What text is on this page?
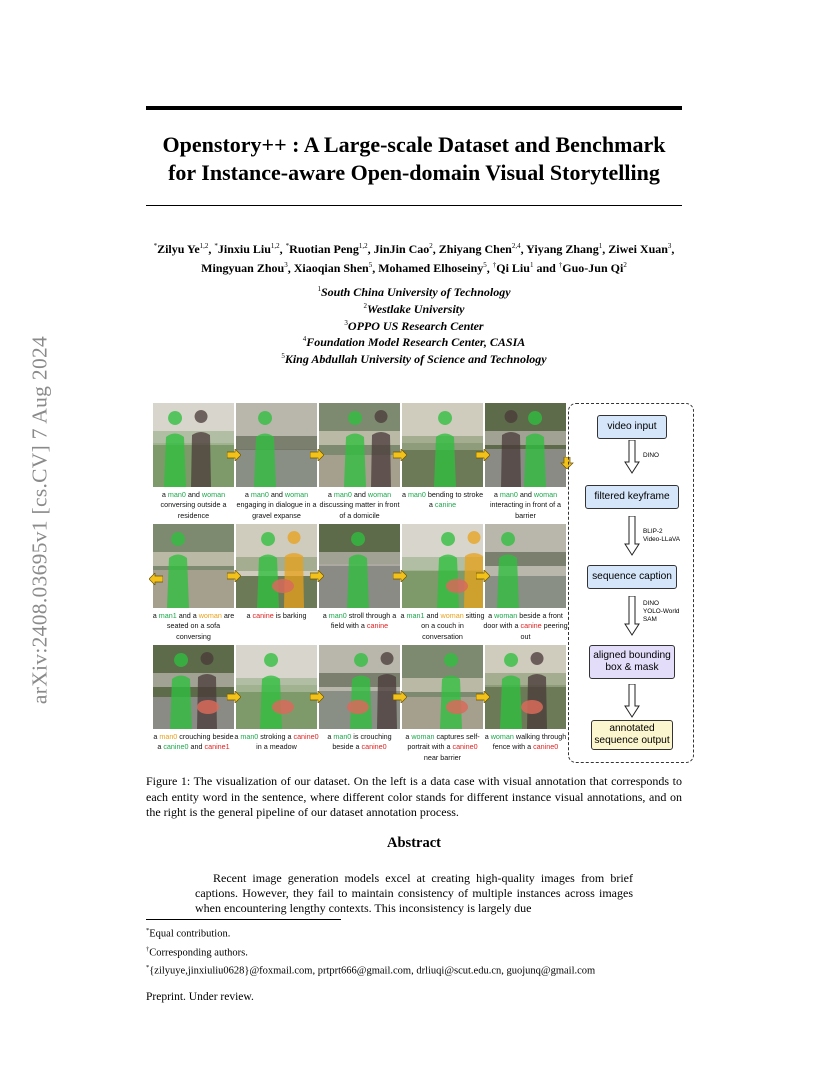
arXiv:2408.03695v1 [cs.CV] 7 Aug 2024
Openstory++ : A Large-scale Dataset and Benchmark
for Instance-aware Open-domain Visual Storytelling
*Zilyu Ye$^{1,2}$, *Jinxiu Liu$^{1,2}$, *Ruotian Peng$^{1,2}$, JinJin Cao$^2$, Zhiyang Chen$^{2,4}$, Yiyang Zhang$^1$, Ziwei Xuan$^3$,
Mingyuan Zhou$^3$, Xiaoqian Shen$^5$, Mohamed Elhoseiny$^5$, †Qi Liu$^1$ and †Guo-Jun Qi$^2$
$^1$South China University of Technology
$^2$Westlake University
$^3$OPPO US Research Center
$^4$Foundation Model Research Center, CASIA
$^5$King Abdullah University of Science and Technology
a man0 and woman conversing outside a residence
a man0 and woman engaging in dialogue in a gravel expanse
a man0 and woman discussing matter in front of a domicile
a man0 bending to stroke a canine
a man0 and woman interacting in front of a barrier
a man1 and a woman are seated on a sofa conversing
a canine is barking	a man0 stroll through a field with a canine
a man1 and woman sitting on a couch in conversation
a woman beside a front door with a canine peering out
a man0 crouching beside a canine0 and canine1
a man0 stroking a canine0 in a meadow
a man0 is crouching beside a canine0
a woman captures self-portrait with a canine0 near barrier
a woman walking through fence with a canine0
video input
DINO
filtered keyframe
BLIP-2
Video-LLaVA
sequence caption
DINO
YOLO-World
SAM
aligned bounding box & mask
annotated sequence output
Figure 1: The visualization of our dataset. On the left is a data case with visual annotation that corresponds to each entity word in the sentence, where different color stands for different instance visual annotations, and on the right is the general pipeline of our dataset annotation process.
Abstract
Recent image generation models excel at creating high-quality images from brief captions. However, they fail to maintain consistency of multiple instances across images when encountering lengthy contexts. This inconsistency is largely due
*Equal contribution.
†Corresponding authors.
*{zilyuye,jinxiuliu0628}@foxmail.com, prtprt666@gmail.com, drliuqi@scut.edu.cn, guojunq@gmail.com
Preprint. Under review.
